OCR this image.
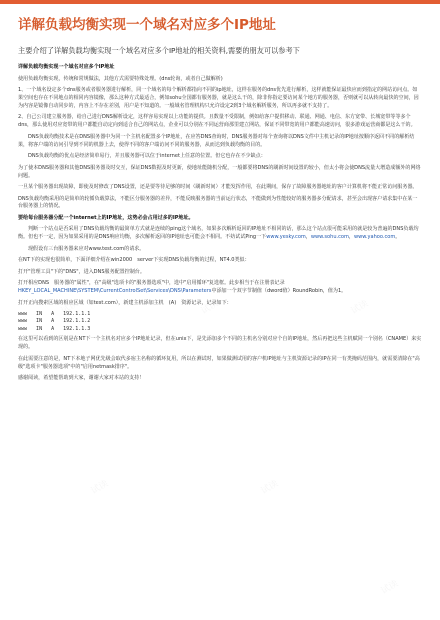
详解负载均衡实现一个域名对应多个IP地址
主要介绍了详解负载均衡实现一个域名对应多个IP地址的相关资料,需要的朋友可以参考下

详解负载均衡实现一个域名对应多个IP地址

使用负载均衡实现，传统和常规做法，其他方式需要特殊处理。(dns轮询，或者自己做解析)

1、一个域名设定多个dns服务或者服务器进行解析，同一个域名的每个解析都指向不同的ip地址，这样在服务的dns优先进行解析，这样就能保证最快应而到指定的网站访问点。如果空间也存在不同地点的相同内容镜像，那么这种方式最适合，例如sohu全国都有服务器，就是这么干的，除非你指定要访问某个地方的服务器，否则就可以从转向最快的空间，因为内容是镜像自动同步的，内容上不存在差别，用户是不知道的。一般域名管理机构只允许设定2到3个域名解析服务，所以再多就不支持了。

2、自己公司建立服务器，给自己进行DNS解析设定，这样容易实现以上功能的提供。且数量不受限制，例如给客户提供移动、联通、网通、电信、东方宽带、长城宽带等等多个dns，那么使用对应宽带的用户都能自动定向到适合自己的网站点，企业可以分别在不同运营商那里建立网站，保证不同带宽的用户都能高速访问，很多游戏运营商都是这么干的。

DNS负载均衡技术是在DNS服务器中为同一个主机名配置多个IP地址，在应答DNS查询时，DNS服务器对每个查询将以DNS文件中主机记录的IP地址按顺序返回不同的解析结果，将客户端的访问引导到不同的机器上去，使得不同的客户端访问不同的服务器，从而达到负载均衡的目的。

DNS负载均衡的优点是经济简单易行，并且服务器可以位于internet上任意的位置。但它也存在不少缺点：

为了使本DNS服务器和其他DNS服务器及时交互，保证DNS数据及时更新，使地址能随机分配，一般都要将DNS的刷新时间设置的较小，但太小将会使DNS流量大增造成额外的网络问题。

一旦某个服务器出现故障，即使及时修改了DNS设置，还是要等待足够的时间（刷新时间）才能发挥作用，在此期间，保存了故障服务器地址的客户计算机将不能正常访问服务器。

DNS负载均衡采用的是简单的轮循负载算法，不能区分服务器的差异，不能反映服务器的当前运行状态，不能做到为性能较好的服务器多分配请求，甚至会出现客户请求集中在某一台服务器上的情况。

要给每台服务器分配一个internet上的IP地址，这势必会占用过多的IP地址。

判断一个站点是否采用了DNS负载均衡的最简单方式就是连续的ping这个域名，如果多次解析返回的IP地址不相同的话，那么这个站点很可能采用的就是较为普遍的DNS负载均衡。但也不一定，因为如果采用的是DNS响应均衡，多次解析返回的IP地址也可能会不相同。不妨试试Ping一下www.yesky.com，www.sohu.com，www.yahoo.com。

现假设有三台服务器来应对www.test.com的请求。

在NT下的实现也很简单，下面详细介绍在win2000　server下实现DNS负载均衡的过程，NT4.0类似：

打开"管理工具"下的"DNS"，进入DNS服务配置控制台。

打开相应DNS　服务器的"属性"，在"高级"选项卡的"服务器选项"中，选中"启用循环"复选框。此步相当于在注册表记录HKEY_LOCAL_MACHINE\SYSTEM\CurrentControlSet\Services\DNS\Parameters中添加一个双字节制值（dword值）RoundRobin，值为1。

打开正向搜索区域的相应区域（如test.com），新建主机添加主机　(A)　资源记录，记录如下：

www   IN   A   192.1.1.1

www   IN   A   192.1.1.2

www   IN   A   192.1.1.3

在这里可以看到的区别是在NT下一个主机名对应多个IP地址记录，但在unix下，是先添加多个不同的主机名分别对应个自的IP地址，然后再把这些主机赋同一个别名（CNAME）来实现的。

在此需要注意的是，NT下本地子网优先级会取代多宿主名称的循环复用，所以在测试时，如果做测试用的客户机IP地址与主机资源记录的IP在同一有类掩码范围内，就需要清除在"高级"选项卡"服务器选项"中的"启用netmask排序"。

感谢阅读，希望能帮助到大家，谢谢大家对本站的支持！
